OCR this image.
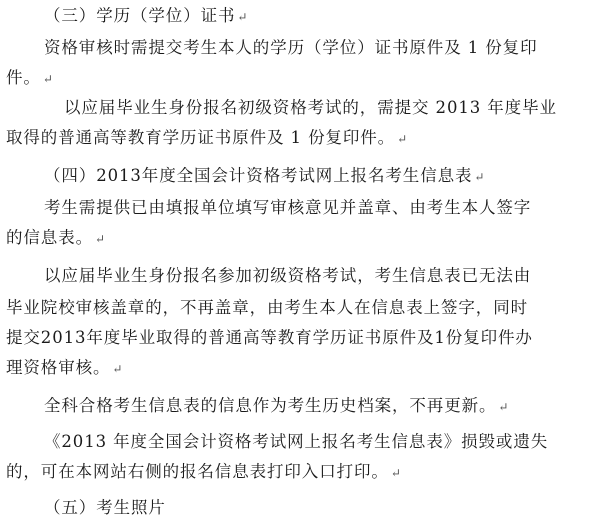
（三）学历（学位）证书 ↵
资格审核时需提交考生本人的学历（学位）证书原件及 1 份复印
件。 ↵
以应届毕业生身份报名初级资格考试的，需提交 2013 年度毕业
取得的普通高等教育学历证书原件及 1 份复印件。 ↵
（四）2013年度全国会计资格考试网上报名考生信息表 ↵
考生需提供已由填报单位填写审核意见并盖章、由考生本人签字
的信息表。 ↵
以应届毕业生身份报名参加初级资格考试，考生信息表已无法由
毕业院校审核盖章的，不再盖章，由考生本人在信息表上签字，同时
提交2013年度毕业取得的普通高等教育学历证书原件及1份复印件办
理资格审核。 ↵
全科合格考生信息表的信息作为考生历史档案，不再更新。 ↵
《2013 年度全国会计资格考试网上报名考生信息表》损毁或遗失
的，可在本网站右侧的报名信息表打印入口打印。 ↵
（五）考生照片
